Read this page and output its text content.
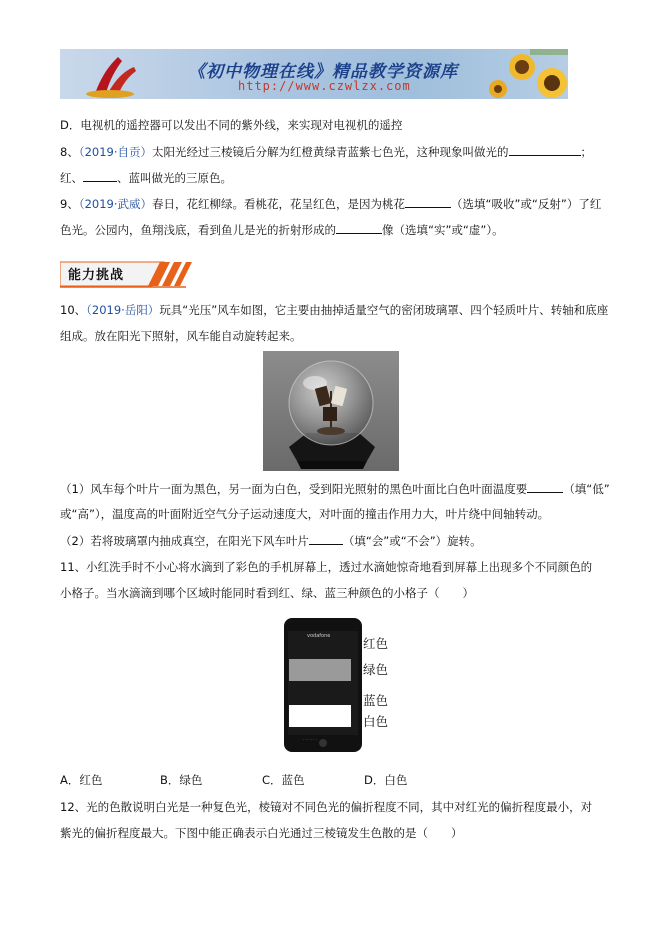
《初中物理在线》精品教学资源库
http://www.czwlzx.com
D．电视机的遥控器可以发出不同的紫外线，来实现对电视机的遥控
8、（2019·自贡）太阳光经过三棱镜后分解为红橙黄绿青蓝紫七色光，这种现象叫做光的	；
红、	、蓝叫做光的三原色。
9、（2019·武威）春日，花红柳绿。看桃花，花呈红色，是因为桃花	（选填“吸收”或“反射”）了红
色光。公园内，鱼翔浅底，看到鱼儿是光的折射形成的	像（选填“实”或“虚”）。
能力挑战
10、（2019·岳阳）玩具“光压”风车如图，它主要由抽掉适量空气的密闭玻璃罩、四个轻质叶片、转轴和底座
组成。放在阳光下照射，风车能自动旋转起来。
（1）风车每个叶片一面为黑色，另一面为白色，受到阳光照射的黑色叶面比白色叶面温度要	（填“低”
或“高”），温度高的叶面附近空气分子运动速度大，对叶面的撞击作用力大，叶片绕中间轴转动。
（2）若将玻璃罩内抽成真空，在阳光下风车叶片	（填“会”或“不会”）旋转。
11、小红洗手时不小心将水滴到了彩色的手机屏幕上，透过水滴她惊奇地看到屏幕上出现多个不同颜色的
小格子。当水滴滴到哪个区域时能同时看到红、绿、蓝三种颜色的小格子（　　）
· · · · · ·
vodafone	红色
绿色
蓝色
白色
A．红色	B．绿色	C．蓝色	D．白色
12、光的色散说明白光是一种复色光，棱镜对不同色光的偏折程度不同，其中对红光的偏折程度最小，对
紫光的偏折程度最大。下图中能正确表示白光通过三棱镜发生色散的是（　　）
